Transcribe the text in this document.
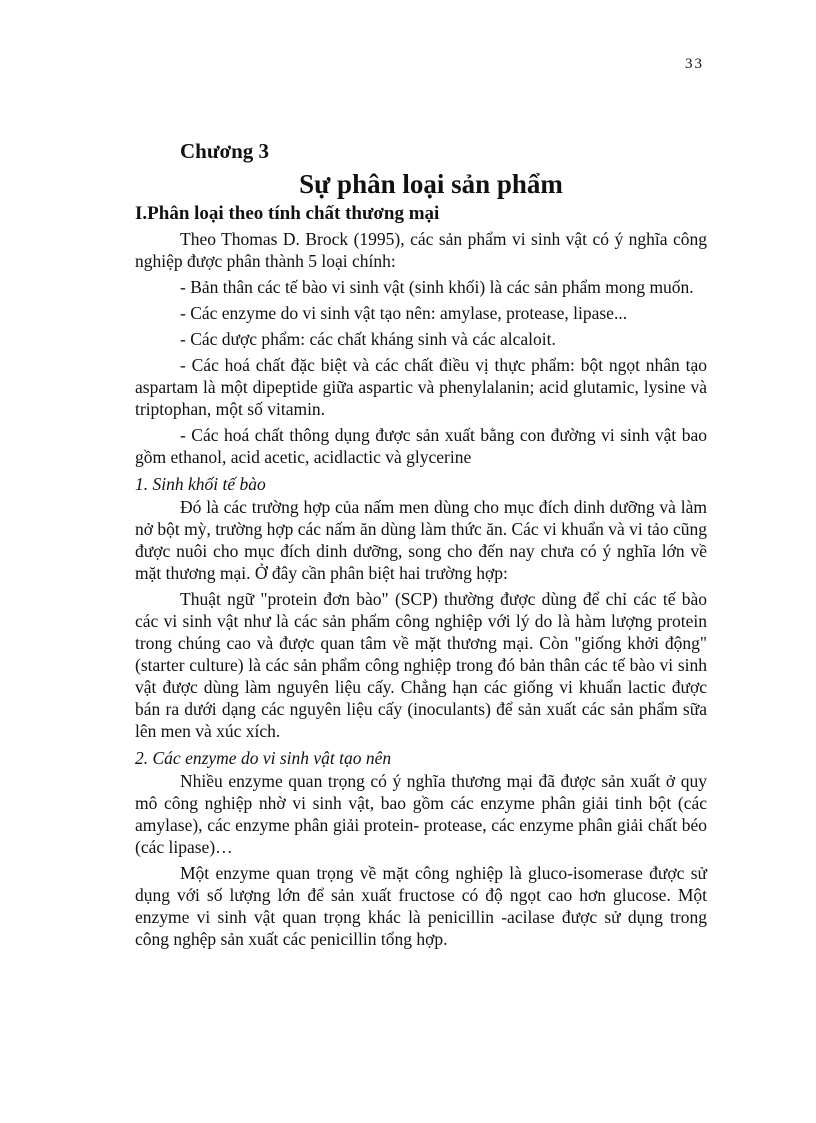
33
Chương 3
Sự phân loại sản phẩm
I.Phân loại theo tính chất thương mại

Theo Thomas D. Brock (1995), các sản phẩm vi sinh vật có ý nghĩa công nghiệp được phân thành 5 loại chính:

- Bản thân các tế bào vi sinh vật (sinh khối) là các sản phẩm mong muốn.

- Các enzyme do vi sinh vật tạo nên: amylase, protease, lipase...

- Các dược phẩm: các chất kháng sinh và các alcaloit.

- Các hoá chất đặc biệt và các chất điều vị thực phẩm: bột ngọt nhân tạo aspartam là một dipeptide giữa aspartic và phenylalanin; acid glutamic, lysine và triptophan, một số vitamin.

- Các hoá chất thông dụng được sản xuất bằng con đường vi sinh vật bao gồm ethanol, acid acetic, acidlactic và glycerine

1. Sinh khối tế bào

Đó là các trường hợp của nấm men dùng cho mục đích dinh dưỡng và làm nở bột mỳ, trường hợp các nấm ăn dùng làm thức ăn. Các vi khuẩn và vi tảo cũng được nuôi cho mục đích dinh dưỡng, song cho đến nay chưa có ý nghĩa lớn về mặt thương mại. Ở đây cần phân biệt hai trường hợp:

Thuật ngữ "protein đơn bào" (SCP) thường được dùng để chỉ các tế bào các vi sinh vật như là các sản phẩm công nghiệp với lý do là hàm lượng protein trong chúng cao và được quan tâm về mặt thương mại. Còn "giống khởi động" (starter culture) là các sản phẩm công nghiệp trong đó bản thân các tế bào vi sinh vật được dùng làm nguyên liệu cấy. Chẳng hạn các giống vi khuẩn lactic được bán ra dưới dạng các nguyên liệu cấy (inoculants) để sản xuất các sản phẩm sữa lên men và xúc xích.

2. Các enzyme do vi sinh vật tạo nên

Nhiều enzyme quan trọng có ý nghĩa thương mại đã được sản xuất ở quy mô công nghiệp nhờ vi sinh vật, bao gồm các enzyme phân giải tinh bột (các amylase), các enzyme phân giải protein- protease, các enzyme phân giải chất béo (các lipase)…

Một enzyme quan trọng về mặt công nghiệp là gluco-isomerase được sử dụng với số lượng lớn để sản xuất fructose có độ ngọt cao hơn glucose. Một enzyme vi sinh vật quan trọng khác là penicillin -acilase được sử dụng trong công nghệp sản xuất các penicillin tổng hợp.
